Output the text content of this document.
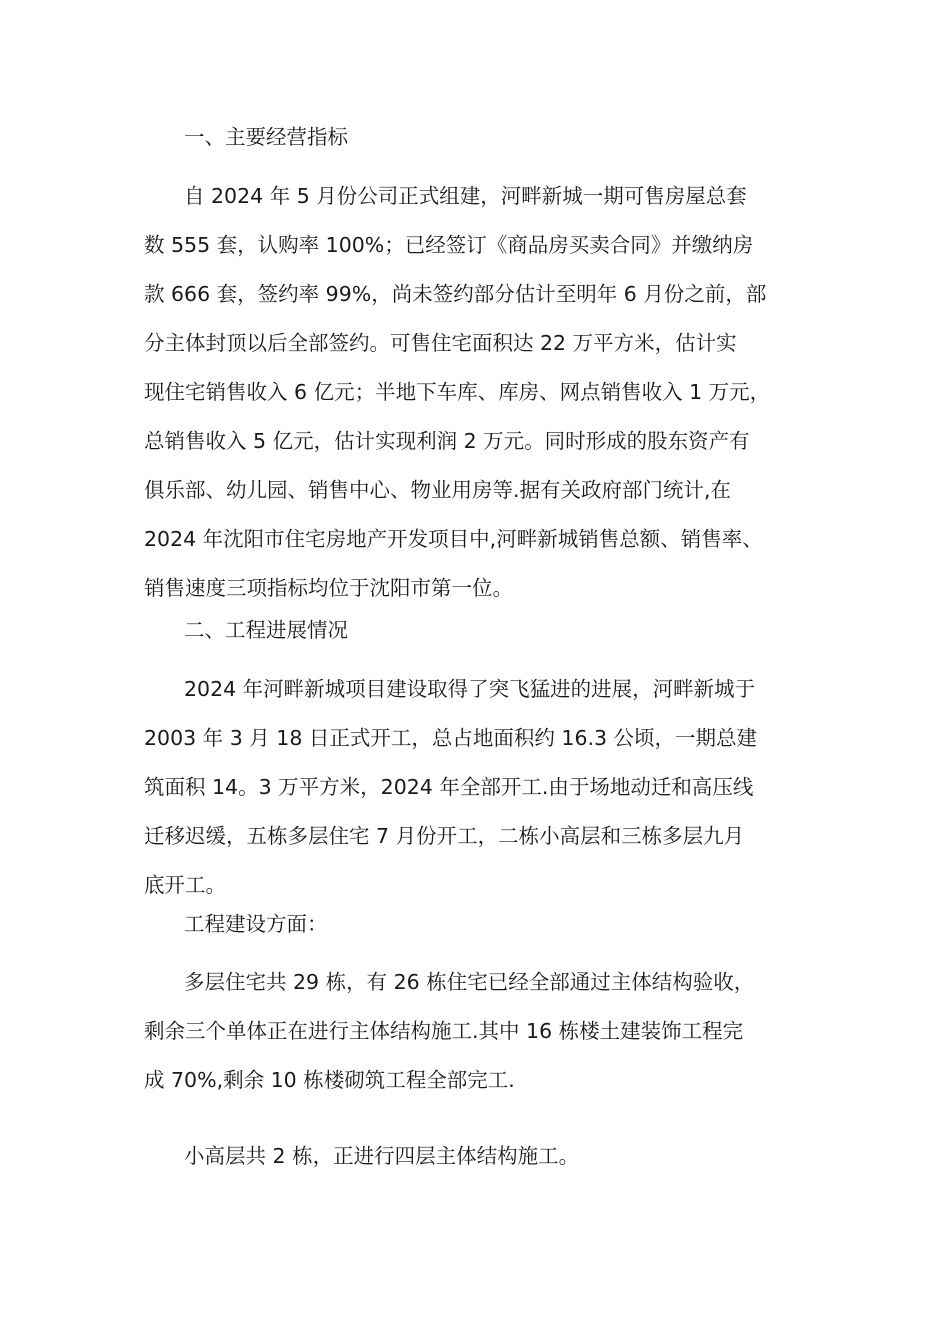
一、主要经营指标

自 2024 年 5 月份公司正式组建，河畔新城一期可售房屋总套
数 555 套，认购率 100%；已经签订《商品房买卖合同》并缴纳房
款 666 套，签约率 99%，尚未签约部分估计至明年 6 月份之前，部
分主体封顶以后全部签约。可售住宅面积达 22 万平方米，估计实
现住宅销售收入 6 亿元；半地下车库、库房、网点销售收入 1 万元，
总销售收入 5 亿元，估计实现利润 2 万元。同时形成的股东资产有
俱乐部、幼儿园、销售中心、物业用房等.据有关政府部门统计,在
2024 年沈阳市住宅房地产开发项目中,河畔新城销售总额、销售率、
销售速度三项指标均位于沈阳市第一位。

二、工程进展情况

2024 年河畔新城项目建设取得了突飞猛进的进展，河畔新城于
2003 年 3 月 18 日正式开工，总占地面积约 16.3 公顷，一期总建
筑面积 14。3 万平方米，2024 年全部开工.由于场地动迁和高压线
迁移迟缓，五栋多层住宅 7 月份开工，二栋小高层和三栋多层九月
底开工。

工程建设方面：

多层住宅共 29 栋，有 26 栋住宅已经全部通过主体结构验收，
剩余三个单体正在进行主体结构施工.其中 16 栋楼土建装饰工程完
成 70%,剩余 10 栋楼砌筑工程全部完工.

小高层共 2 栋，正进行四层主体结构施工。
